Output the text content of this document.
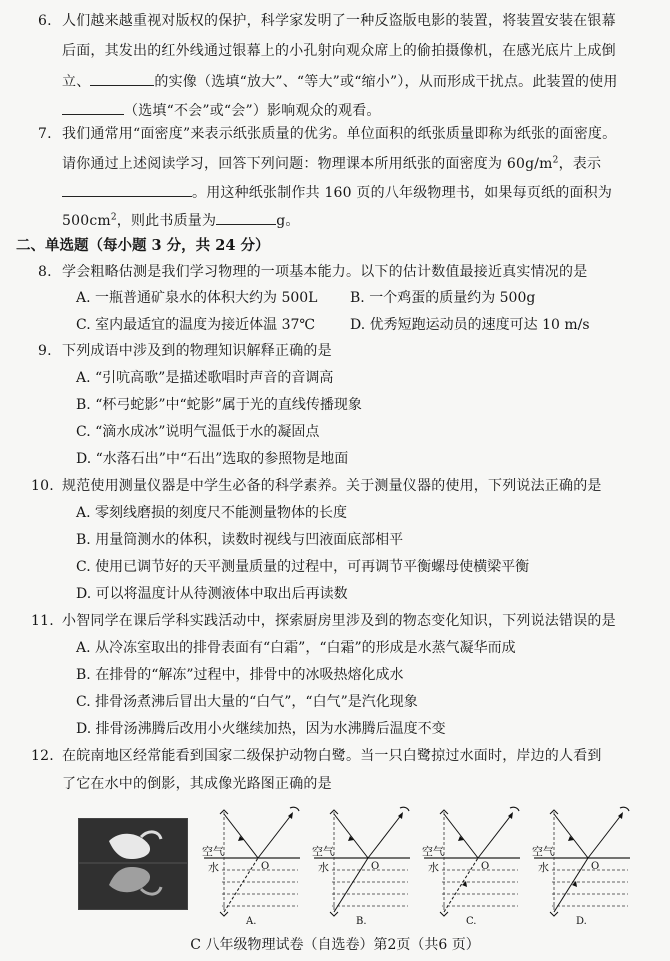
6. 人们越来越重视对版权的保护，科学家发明了一种反盗版电影的装置，将装置安装在银幕
后面，其发出的红外线通过银幕上的小孔射向观众席上的偷拍摄像机，在感光底片上成倒
立、	的实像（选填“放大”、“等大”或“缩小”），从而形成干扰点。此装置的使用
（选填“不会”或“会”）影响观众的观看。
7. 我们通常用“面密度”来表示纸张质量的优劣。单位面积的纸张质量即称为纸张的面密度。
请你通过上述阅读学习，回答下列问题：物理课本所用纸张的面密度为 $60g/m^2$，表示
。用这种纸张制作共 160 页的八年级物理书，如果每页纸的面积为
$500cm^2$，则此书质量为	g。
二、单选题（每小题 3 分，共 24 分）
8. 学会粗略估测是我们学习物理的一项基本能力。以下的估计数值最接近真实情况的是
A. 一瓶普通矿泉水的体积大约为 500L B. 一个鸡蛋的质量约为 500g
C. 室内最适宜的温度为接近体温 37℃ D. 优秀短跑运动员的速度可达 10 m/s
9. 下列成语中涉及到的物理知识解释正确的是
A. “引吭高歌”是描述歌唱时声音的音调高
B. “杯弓蛇影”中“蛇影”属于光的直线传播现象
C. “滴水成冰”说明气温低于水的凝固点
D. “水落石出”中“石出”选取的参照物是地面
10. 规范使用测量仪器是中学生必备的科学素养。关于测量仪器的使用，下列说法正确的是
A. 零刻线磨损的刻度尺不能测量物体的长度
B. 用量筒测水的体积，读数时视线与凹液面底部相平
C. 使用已调节好的天平测量质量的过程中，可再调节平衡螺母使横梁平衡
D. 可以将温度计从待测液体中取出后再读数
11. 小智同学在课后学科实践活动中，探索厨房里涉及到的物态变化知识，下列说法错误的是
A. 从冷冻室取出的排骨表面有“白霜”，“白霜”的形成是水蒸气凝华而成
B. 在排骨的“解冻”过程中，排骨中的冰吸热熔化成水
C. 排骨汤煮沸后冒出大量的“白气”，“白气”是汽化现象
D. 排骨汤沸腾后改用小火继续加热，因为水沸腾后温度不变
12. 在皖南地区经常能看到国家二级保护动物白鹭。当一只白鹭掠过水面时，岸边的人看到
了它在水中的倒影，其成像光路图正确的是
空气
水	O
A.
空气
水	O
B.
空气
水	O
C.
空气
水	O
D.
C 八年级物理试卷（自选卷）第2页（共6 页）
